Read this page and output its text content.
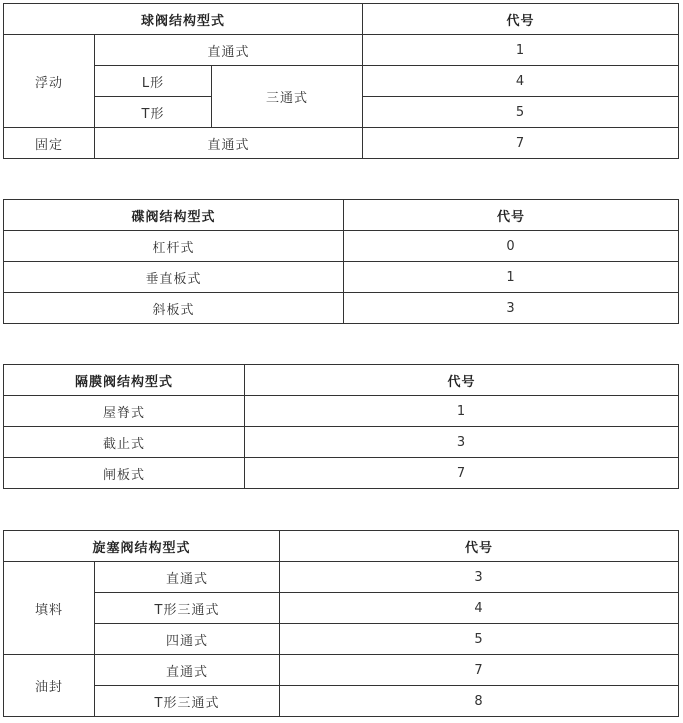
球阀结构型式			代号
浮动	直通式		1
	L形	三通式	4
	T形		5
固定	直通式		7
碟阀结构型式	代号
杠杆式	0
垂直板式	1
斜板式	3
隔膜阀结构型式	代号
屋脊式	1
截止式	3
闸板式	7
旋塞阀结构型式		代号
填料	直通式	3
	T形三通式	4
	四通式	5
油封	直通式	7
	T形三通式	8
